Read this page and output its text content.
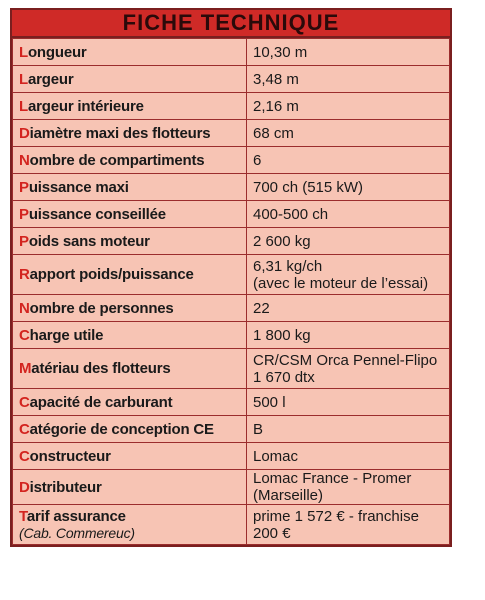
FICHE TECHNIQUE
Longueur	10,30 m

Largeur	3,48 m

Largeur intérieure	2,16 m

Diamètre maxi des flotteurs	68 cm

Nombre de compartiments	6

Puissance maxi	700 ch (515 kW)

Puissance conseillée	400-500 ch

Poids sans moteur	2 600 kg

Rapport poids/puissance	6,31 kg/ch
(avec le moteur de l’essai)

Nombre de personnes	22

Charge utile	1 800 kg

Matériau des flotteurs	CR/CSM Orca Pennel-Flipo
1 670 dtx

Capacité de carburant	500 l

Catégorie de conception CE	B

Constructeur	Lomac

Distributeur	Lomac France - Promer (Marseille)

Tarif assurance
(Cab. Commereuc)	prime 1 572 € - franchise 200 €
